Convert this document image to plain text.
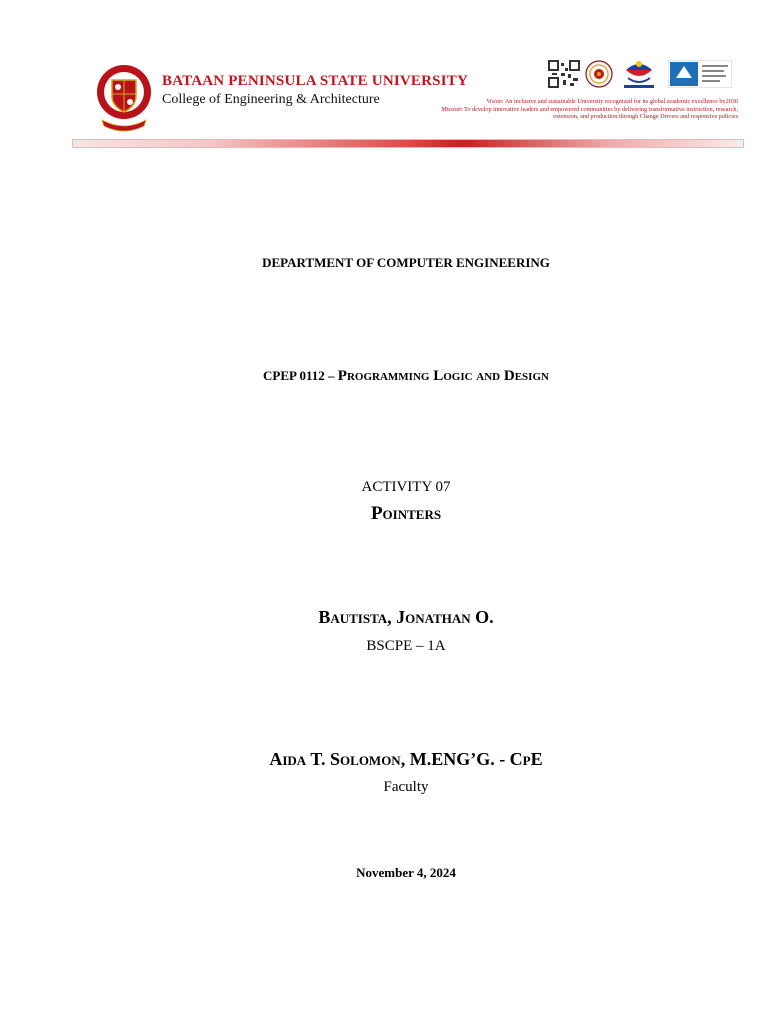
BATAAN PENINSULA STATE UNIVERSITY
College of Engineering & Architecture	Vision: An inclusive and sustainable University recognized for its global academic excellence by2030
Mission: To develop innovative leaders and empowered communities by delivering transformative instruction, research, extension, and production through Change Drivers and responsive policies
DEPARTMENT OF COMPUTER ENGINEERING
CPEP 0112 – Programming Logic and Design
ACTIVITY 07
Pointers
Bautista, Jonathan O.
BSCPE – 1A
Aida T. Solomon, M.ENG’G. - CpE
Faculty
November 4, 2024
